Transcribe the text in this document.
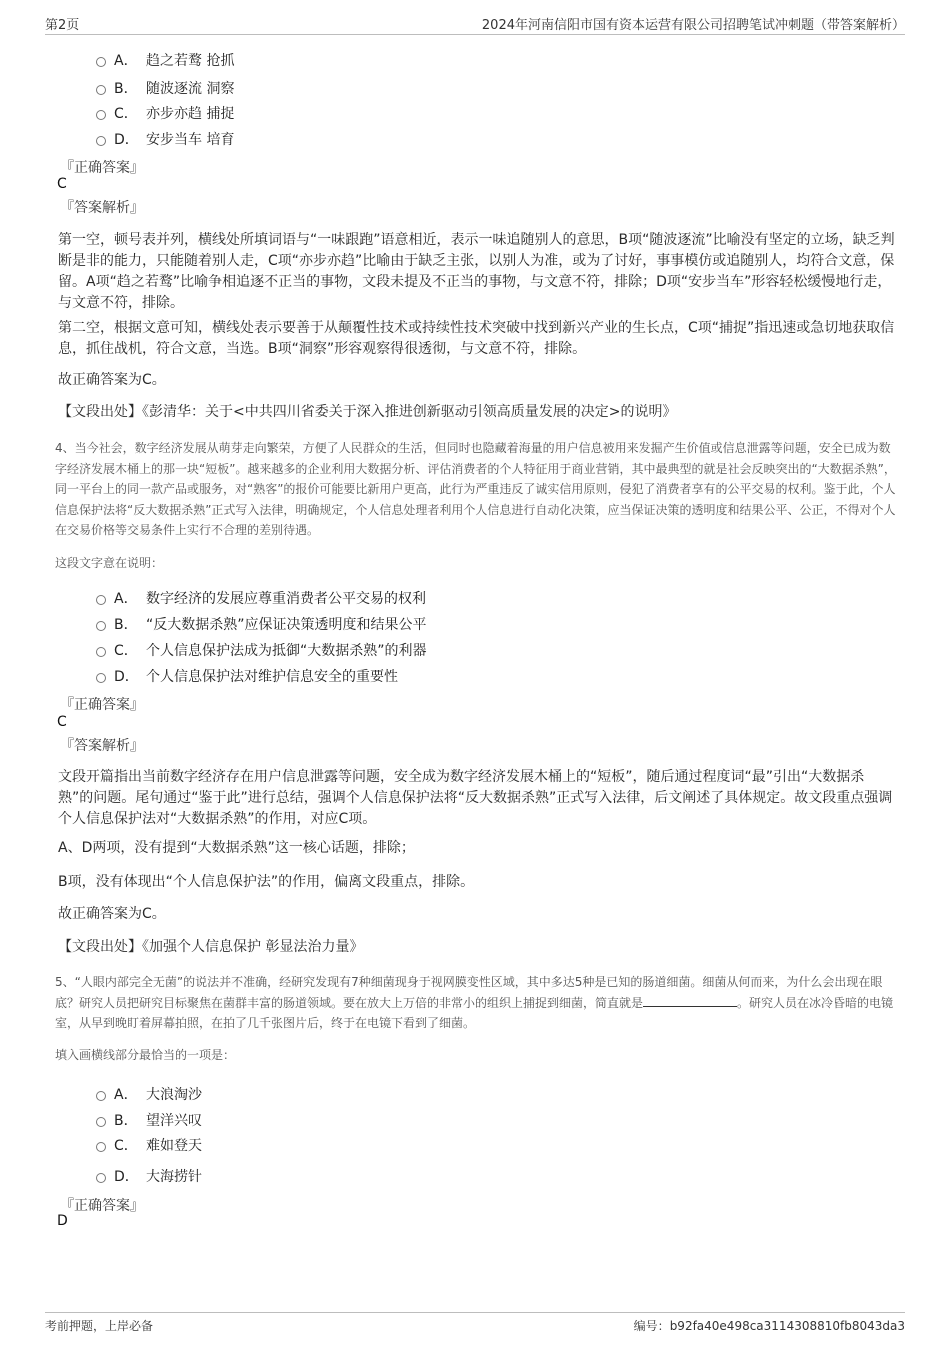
第2页	2024年河南信阳市国有资本运营有限公司招聘笔试冲刺题（带答案解析）
A． 趋之若鹜 抢抓
B． 随波逐流 洞察
C． 亦步亦趋 捕捉
D． 安步当车 培育
『正确答案』
C
『答案解析』
第一空，顿号表并列，横线处所填词语与“一味跟跑”语意相近，表示一味追随别人的意思，B项“随波逐流”比喻没有坚定的立场，缺乏判断是非的能力，只能随着别人走，C项“亦步亦趋”比喻由于缺乏主张，以别人为准，或为了讨好，事事模仿或追随别人，均符合文意，保留。A项“趋之若鹜”比喻争相追逐不正当的事物，文段未提及不正当的事物，与文意不符，排除；D项“安步当车”形容轻松缓慢地行走，与文意不符，排除。
第二空，根据文意可知，横线处表示要善于从颠覆性技术或持续性技术突破中找到新兴产业的生长点，C项“捕捉”指迅速或急切地获取信息，抓住战机，符合文意，当选。B项“洞察”形容观察得很透彻，与文意不符，排除。
故正确答案为C。
【文段出处】《彭清华：关于<中共四川省委关于深入推进创新驱动引领高质量发展的决定>的说明》
4、当今社会，数字经济发展从萌芽走向繁荣，方便了人民群众的生活，但同时也隐藏着海量的用户信息被用来发掘产生价值或信息泄露等问题，安全已成为数字经济发展木桶上的那一块“短板”。越来越多的企业利用大数据分析、评估消费者的个人特征用于商业营销，其中最典型的就是社会反映突出的“大数据杀熟”，同一平台上的同一款产品或服务，对“熟客”的报价可能要比新用户更高，此行为严重违反了诚实信用原则，侵犯了消费者享有的公平交易的权利。鉴于此，个人信息保护法将“反大数据杀熟”正式写入法律，明确规定，个人信息处理者利用个人信息进行自动化决策，应当保证决策的透明度和结果公平、公正，不得对个人在交易价格等交易条件上实行不合理的差别待遇。
这段文字意在说明：
A． 数字经济的发展应尊重消费者公平交易的权利
B． “反大数据杀熟”应保证决策透明度和结果公平
C． 个人信息保护法成为抵御“大数据杀熟”的利器
D． 个人信息保护法对维护信息安全的重要性
『正确答案』
C
『答案解析』
文段开篇指出当前数字经济存在用户信息泄露等问题，安全成为数字经济发展木桶上的“短板”，随后通过程度词“最”引出“大数据杀熟”的问题。尾句通过“鉴于此”进行总结，强调个人信息保护法将“反大数据杀熟”正式写入法律，后文阐述了具体规定。故文段重点强调个人信息保护法对“大数据杀熟”的作用，对应C项。
A、D两项，没有提到“大数据杀熟”这一核心话题，排除；
B项，没有体现出“个人信息保护法”的作用，偏离文段重点，排除。
故正确答案为C。
【文段出处】《加强个人信息保护 彰显法治力量》
5、“人眼内部完全无菌”的说法并不准确，经研究发现有7种细菌现身于视网膜变性区域，其中多达5种是已知的肠道细菌。细菌从何而来，为什么会出现在眼底？研究人员把研究目标聚焦在菌群丰富的肠道领域。要在放大上万倍的非常小的组织上捕捉到细菌，简直就是	。研究人员在冰冷昏暗的电镜室，从早到晚盯着屏幕拍照，在拍了几千张图片后，终于在电镜下看到了细菌。
填入画横线部分最恰当的一项是：
A． 大浪淘沙
B． 望洋兴叹
C． 难如登天
D． 大海捞针
『正确答案』
D
考前押题，上岸必备	编号：b92fa40e498ca3114308810fb8043da3
